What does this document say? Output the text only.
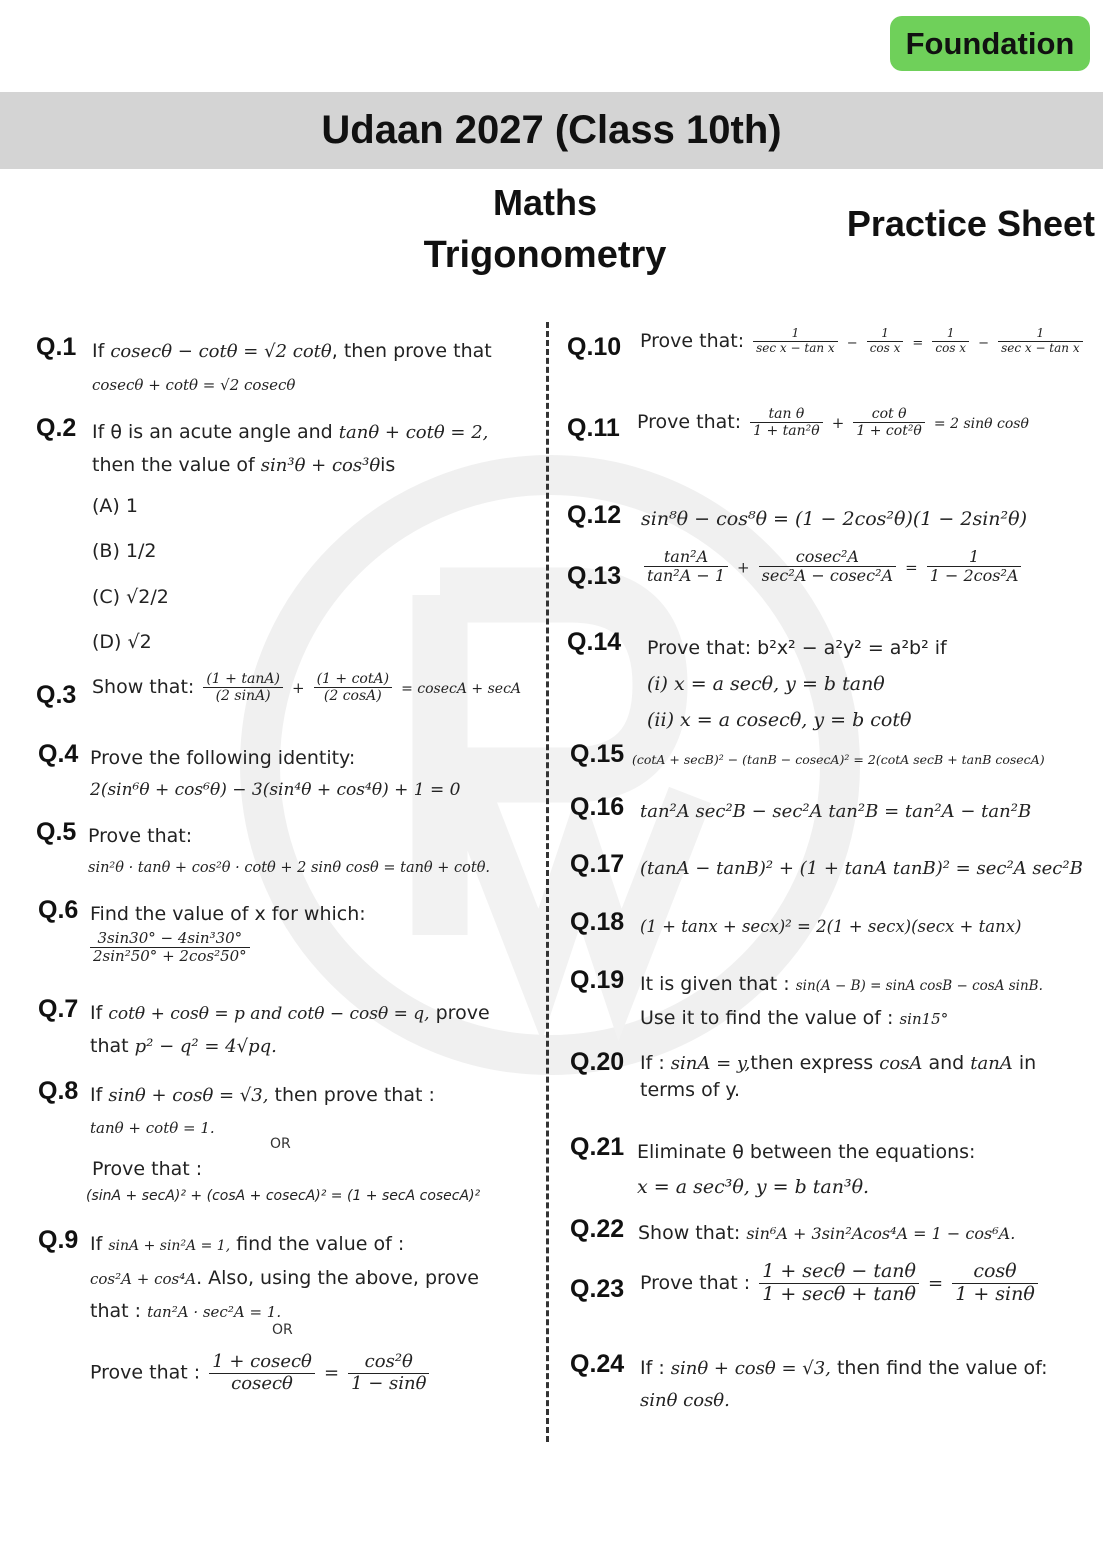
Foundation
Udaan 2027 (Class 10th)
Maths
Trigonometry
Practice Sheet
Q.1 If cosecθ − cotθ = √2 cotθ, then prove that
cosecθ + cotθ = √2 cosecθ
Q.2 If θ is an acute angle and tanθ + cotθ = 2,
then the value of sin³θ + cos³θis
(A) 1
(B) 1/2
(C) √2/2
(D) √2
Q.3 Show that: $\frac{(1 + \tan A)}{(2 \sin A)} + \frac{(1 + \cot A)}{(2 \cos A)} = cosecA + \sec A$
Q.4 Prove the following identity:
2(sin⁶θ + cos⁶θ) − 3(sin⁴θ + cos⁴θ) + 1 = 0
Q.5 Prove that:
sin²θ · tanθ + cos²θ · cotθ + 2 sinθ cosθ = tanθ + cotθ.
Q.6 Find the value of x for which:
$\frac{\text{3sin30° − 4sin³30°}}{\text{2sin²50° + 2cos²50°}}$
Q.7 If cotθ + cosθ = p and cotθ − cosθ = q, prove
that p² − q² = 4√pq.
Q.8 If sinθ + cosθ = √3, then prove that :
tanθ + cotθ = 1.
OR
Prove that :
(sinA + secA)² + (cosA + cosecA)² = (1 + secA cosecA)²
Q.9 If sinA + sin²A = 1, find the value of :
cos²A + cos⁴A. Also, using the above, prove
that : tan²A · sec²A = 1.
OR
Prove that : $\frac{1 + cosec\theta}{cosec\theta} = \frac{\text{cos²θ}}{1 - \sin\theta}$
Q.10 Prove that: $\frac{1}{\text{sec x − tan x}} - \frac{1}{\text{cos x}} = \frac{1}{\text{cos x}} - \frac{1}{\text{sec x − tan x}}$
Q.11 Prove that: $\frac{\text{tan θ}}{\text{1 + tan²θ}} + \frac{\text{cot θ}}{\text{1 + cot²θ}} = 2$ sinθ cosθ
Q.12 sin⁸θ − cos⁸θ = (1 − 2cos²θ)(1 − 2sin²θ)
$Q.13 \frac{\text{tan²A}}{\text{tan²A − 1}} + \frac{\text{cosec²A}}{\text{sec²A − cosec²A}} = \frac{1}{\text{1 − 2cos²A}}$
Q.14 Prove that: b²x² − a²y² = a²b² if
(i) x = a secθ, y = b tanθ
(ii) x = a cosecθ, y = b cotθ
Q.15 (cotA + secB)² − (tanB − cosecA)² = 2(cotA secB + tanB cosecA)
Q.16 tan²A sec²B − sec²A tan²B = tan²A − tan²B
Q.17 (tanA − tanB)² + (1 + tanA tanB)² = sec²A sec²B
Q.18 (1 + tanx + secx)² = 2(1 + secx)(secx + tanx)
Q.19 It is given that : sin(A − B) = sinA cosB − cosA sinB.
Use it to find the value of : sin15°
Q.20 If : sinA = y,then express cosA and tanA in
terms of y.
Q.21 Eliminate θ between the equations:
x = a sec³θ, y = b tan³θ.
Q.22 Show that: sin⁶A + 3sin²Acos⁴A = 1 − cos⁶A.
Q.23 Prove that : $\frac{1 + \sec\theta - \tan\theta}{1 + \sec\theta + \tan\theta} = \frac{\cos\theta}{1 + \sin\theta}$
Q.24 If : sinθ + cosθ = √3, then find the value of:
sinθ cosθ.
